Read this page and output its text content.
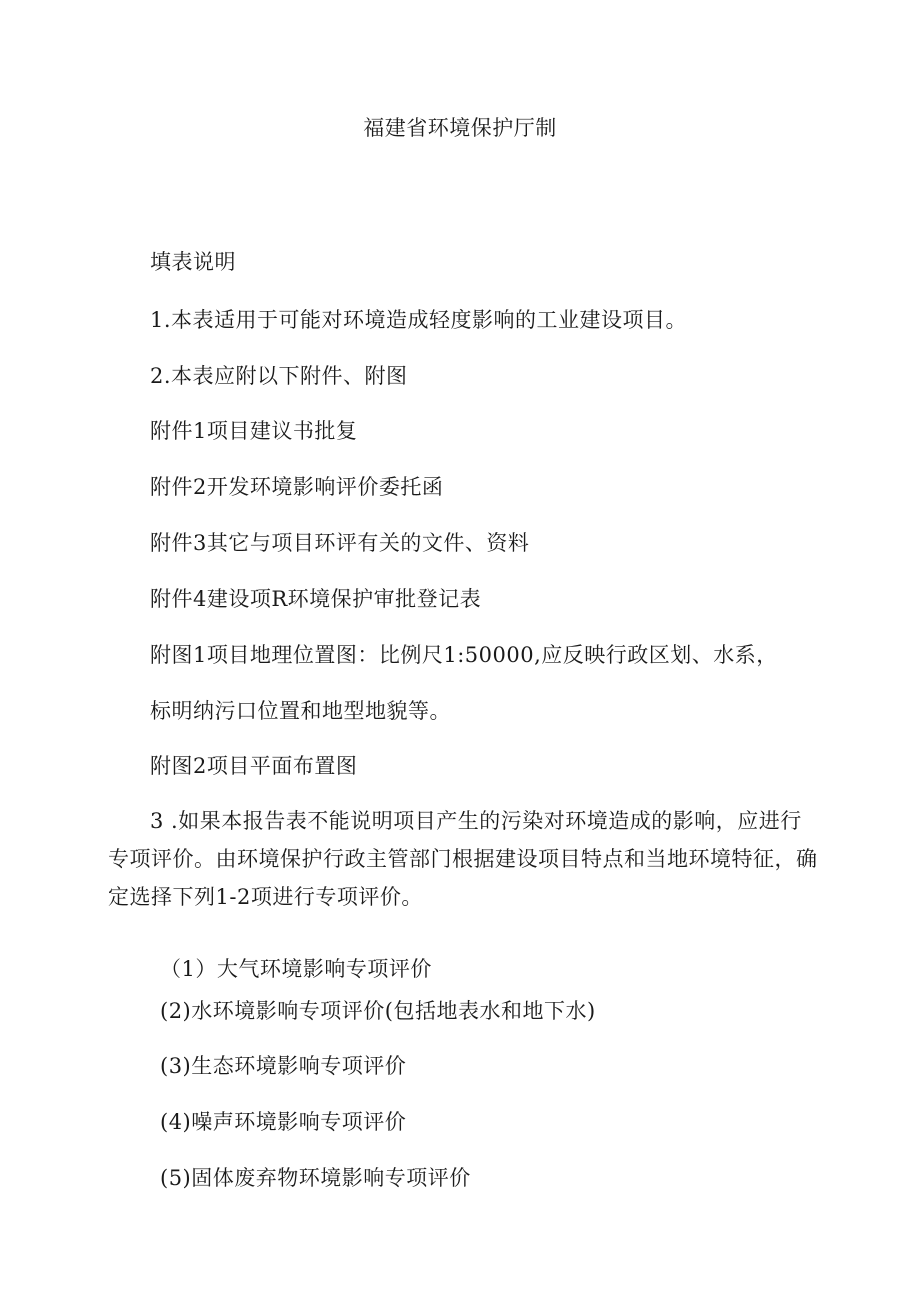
福建省环境保护厅制
填表说明
1.本表适用于可能对环境造成轻度影响的工业建设项目。
2.本表应附以下附件、附图
附件1项目建议书批复
附件2开发环境影响评价委托函
附件3其它与项目环评有关的文件、资料
附件4建设项R环境保护审批登记表
附图1项目地理位置图：比例尺1:50000,应反映行政区划、水系，
标明纳污口位置和地型地貌等。
附图2项目平面布置图
3 .如果本报告表不能说明项目产生的污染对环境造成的影响，应进行专项评价。由环境保护行政主管部门根据建设项目特点和当地环境特征，确定选择下列1-2项进行专项评价。
（1）大气环境影响专项评价
(2)水环境影响专项评价(包括地表水和地下水)
(3)生态环境影响专项评价
(4)噪声环境影响专项评价
(5)固体废弃物环境影响专项评价
